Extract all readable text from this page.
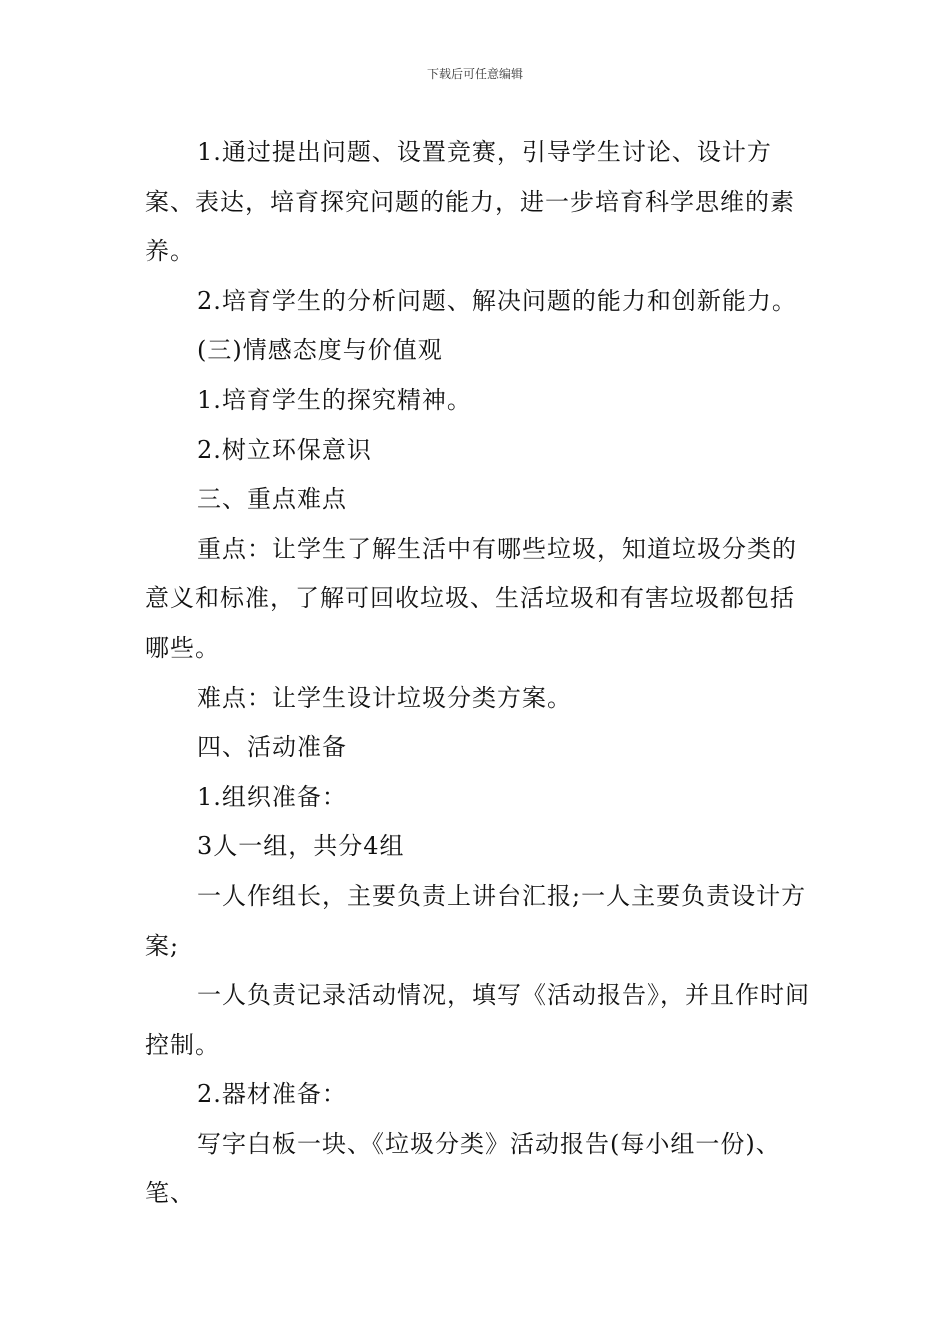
下载后可任意编辑

1.通过提出问题、设置竞赛，引导学生讨论、设计方案、表达，培育探究问题的能力，进一步培育科学思维的素养。

2.培育学生的分析问题、解决问题的能力和创新能力。

(三)情感态度与价值观

1.培育学生的探究精神。

2.树立环保意识

三、重点难点

重点：让学生了解生活中有哪些垃圾，知道垃圾分类的意义和标准，了解可回收垃圾、生活垃圾和有害垃圾都包括哪些。

难点：让学生设计垃圾分类方案。

四、活动准备

1.组织准备：

3人一组，共分4组

一人作组长，主要负责上讲台汇报;一人主要负责设计方案;

一人负责记录活动情况，填写《活动报告》，并且作时间控制。

2.器材准备：

写字白板一块、《垃圾分类》活动报告(每小组一份)、笔、
